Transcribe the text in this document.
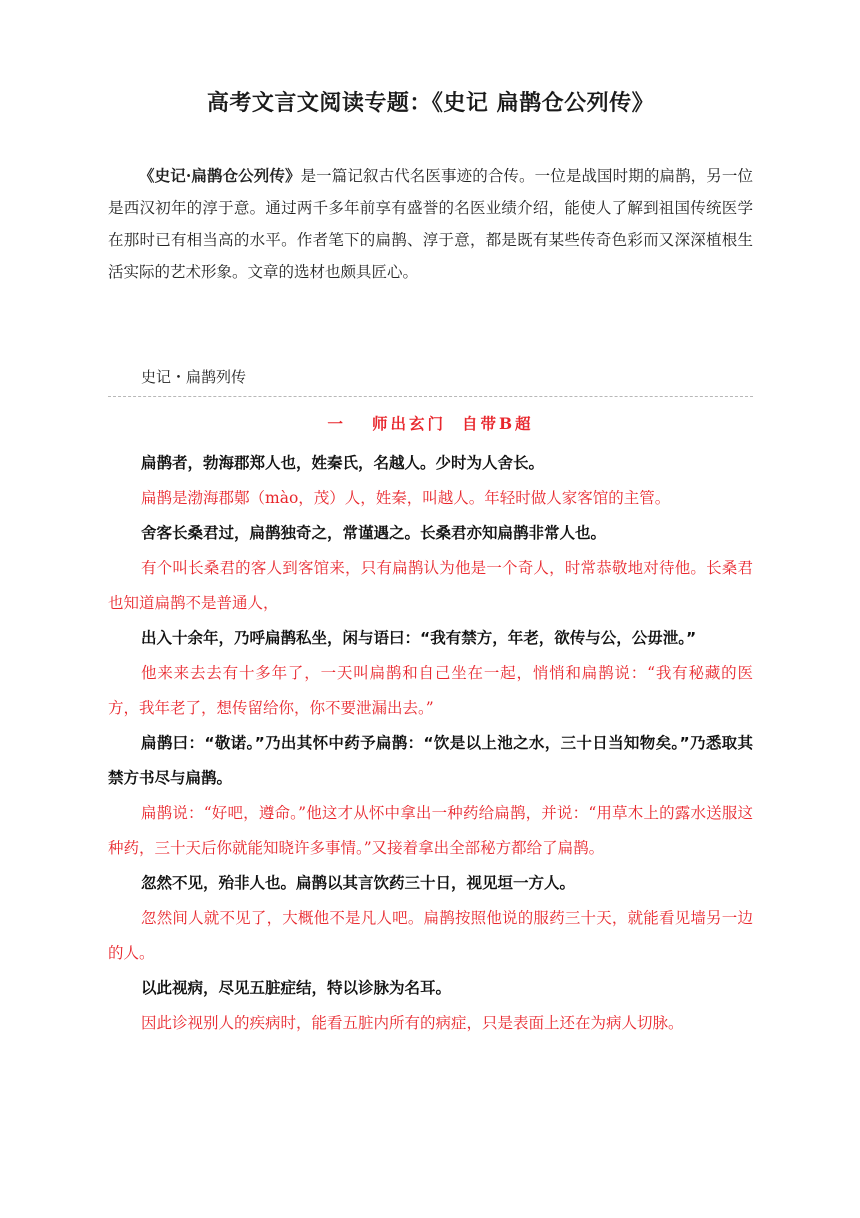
高考文言文阅读专题：《史记 扁鹊仓公列传》

《史记·扁鹊仓公列传》是一篇记叙古代名医事迹的合传。一位是战国时期的扁鹊，另一位是西汉初年的淳于意。通过两千多年前享有盛誉的名医业绩介绍，能使人了解到祖国传统医学在那时已有相当高的水平。作者笔下的扁鹊、淳于意，都是既有某些传奇色彩而又深深植根生活实际的艺术形象。文章的选材也颇具匠心。

史记・扁鹊列传

一 师出玄门 自带B超

扁鹊者，勃海郡郑人也，姓秦氏，名越人。少时为人舍长。

扁鹊是渤海郡鄚（mào，茂）人，姓秦，叫越人。年轻时做人家客馆的主管。

舍客长桑君过，扁鹊独奇之，常谨遇之。长桑君亦知扁鹊非常人也。

有个叫长桑君的客人到客馆来，只有扁鹊认为他是一个奇人，时常恭敬地对待他。长桑君也知道扁鹊不是普通人，

出入十余年，乃呼扁鹊私坐，闲与语曰：“我有禁方，年老，欲传与公，公毋泄。”

他来来去去有十多年了，一天叫扁鹊和自己坐在一起，悄悄和扁鹊说：“我有秘藏的医方，我年老了，想传留给你，你不要泄漏出去。”

扁鹊曰：“敬诺。”乃出其怀中药予扁鹊：“饮是以上池之水，三十日当知物矣。”乃悉取其禁方书尽与扁鹊。

扁鹊说：“好吧，遵命。”他这才从怀中拿出一种药给扁鹊，并说：“用草木上的露水送服这种药，三十天后你就能知晓许多事情。”又接着拿出全部秘方都给了扁鹊。

忽然不见，殆非人也。扁鹊以其言饮药三十日，视见垣一方人。

忽然间人就不见了，大概他不是凡人吧。扁鹊按照他说的服药三十天，就能看见墙另一边的人。

以此视病，尽见五脏症结，特以诊脉为名耳。

因此诊视别人的疾病时，能看五脏内所有的病症，只是表面上还在为病人切脉。
